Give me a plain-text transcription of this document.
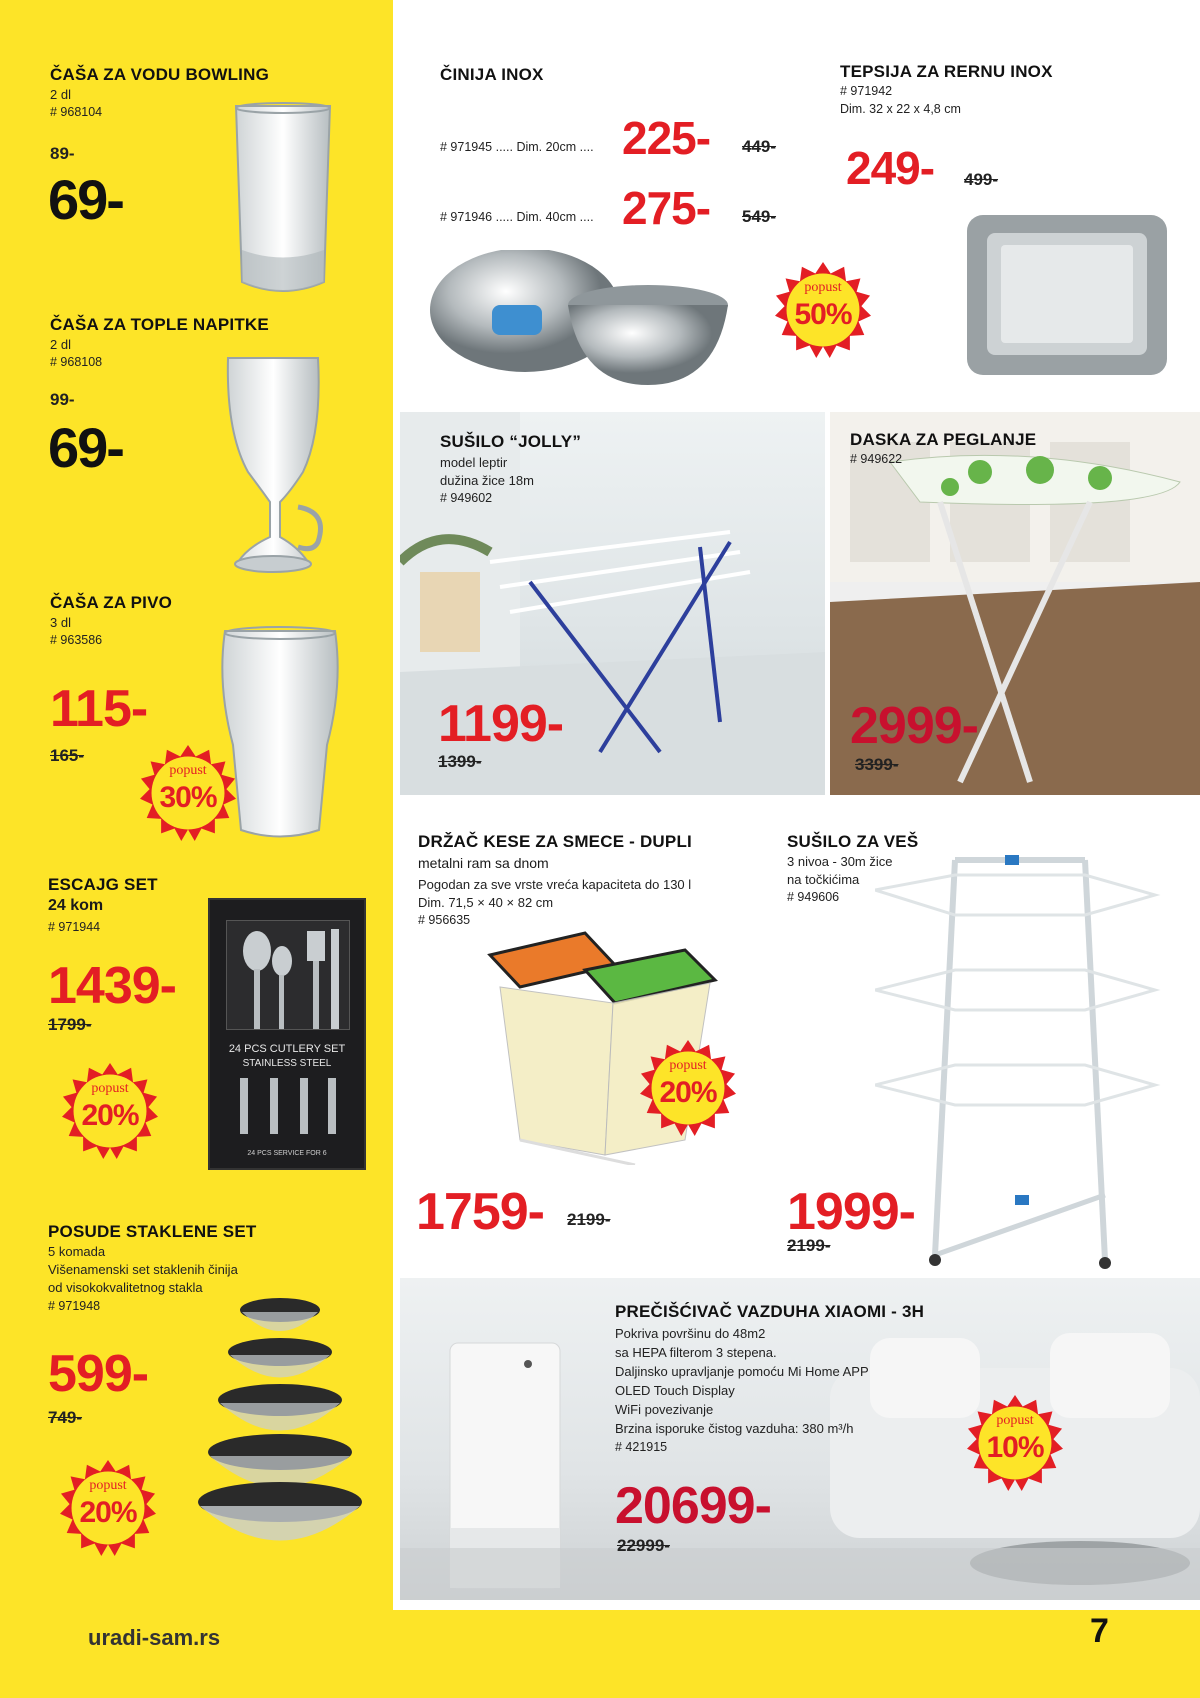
uradi-sam.rs	7
ČAŠA ZA VODU BOWLING
2 dl
# 968104
89-
69-
ČAŠA ZA TOPLE NAPITKE
2 dl
# 968108
99-
69-
ČAŠA ZA PIVO
3 dl
# 963586
115-
165-
popust
30%
ESCAJG SET
24 kom
# 971944
1439-
1799-
24 PCS CUTLERY SET
STAINLESS STEEL
24 PCS SERVICE FOR 6
popust
20%
POSUDE STAKLENE SET
5 komada
Višenamenski set staklenih činija
od visokokvalitetnog stakla
# 971948
599-
749-
popust
20%
ČINIJA INOX
# 971945 ..... Dim. 20cm .... 225- 449-
# 971946 ..... Dim. 40cm .... 275- 549-
popust
50%
TEPSIJA ZA RERNU INOX
# 971942
Dim. 32 x 22 x 4,8 cm
249- 499-
SUŠILO “JOLLY”
model leptir
dužina žice 18m
# 949602
1199-
1399-
DASKA ZA PEGLANJE
# 949622
2999-
3399-
DRŽAČ KESE ZA SMECE - DUPLI
metalni ram sa dnom
Pogodan za sve vrste vreća kapaciteta do 130 l
Dim. 71,5 × 40 × 82 cm
# 956635
popust
20%
1759- 2199-
SUŠILO ZA VEŠ
3 nivoa - 30m žice
na točkićima
# 949606
1999-
2199-
PREČIŠĆIVAČ VAZDUHA XIAOMI - 3H
Pokriva površinu do 48m2
sa HEPA filterom 3 stepena.
Daljinsko upravljanje pomoću Mi Home APP
OLED Touch Display
WiFi povezivanje
Brzina isporuke čistog vazduha: 380 m³/h
# 421915
20699-
22999-
popust
10%
